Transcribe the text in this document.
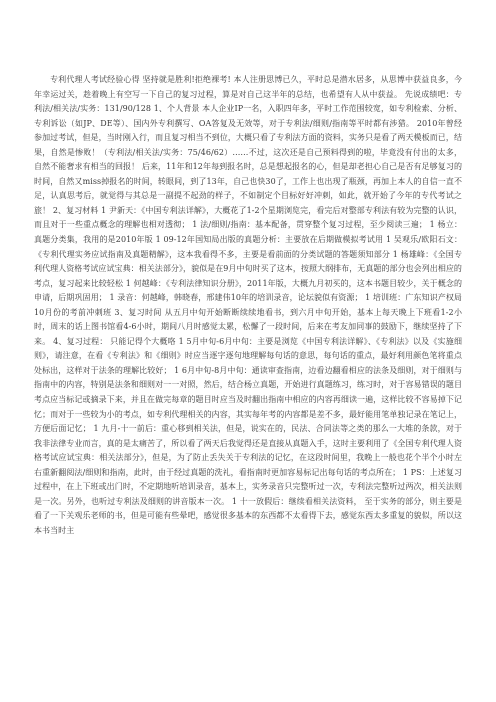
专利代理人考试经验心得 坚持就是胜利!拒绝裸考! 本人注册思博已久，平时总是潜水居多，从思博中获益良多，今年幸运过关，趁着晚上有空写一下自己的复习过程，算是对自己这半年的总结，也希望有人从中获益。 先说成绩吧：专利法/相关法/实务：131/90/128 1、个人背景 本人企业IP一名，入职四年多，平时工作范围较宽，如专利检索、分析、专利诉讼（如JP、DE等）、国内外专利撰写、OA答复及无效等，对于专利法/细则/指南等平时都有涉猎。 2010年曾经参加过考试，但是，当时刚入行，而且复习相当不到位，大概只看了专利法方面的资料，实务只是看了两天模板而已，结果，自然是惨败！（专利法/相关法/实务：75/46/62）……不过，这次还是自己预料得到的啦，毕竟没有付出的太多，自然不能奢求有相当的回报！ 后来，11年和12年每到报名时，总是想起报名的心，但是却老担心自己是否有足够复习的时间，自然又miss掉报名的时间，转眼间，到了13年，自己也快30了，工作上也出现了瓶颈，再加上本人的自信一直不足，认真思考后，就觉得与其总是一副提不起劲的样子，不如制定个目标好好冲刺，如此，就开始了今年的专代考试之旅！ 2、复习材料 1 尹新天：《中国专利法详解》，大概花了1-2个星期浏览完，看完后对整部专利法有较为完整的认识，而且对于一些重点概念的理解也相对透彻； 1 法/细则/指南：基本配备，贯穿整个复习过程，至少阅读三遍； 1 杨立：真题分类集，我用的是2010年版 1 09-12年国知局出版的真题分析：主要放在后期做模拟考试用 1 吴观乐/欧阳石文：《专利代理实务应试指南及真题精解》，这本我看得不多，主要是看前面的分类试题的答题须知部分 1 杨雄峰：《全国专利代理人资格考试应试宝典：相关法部分》，貌似是在9月中旬时买了这本，按照大纲排布，无真题的部分也会列出相应的考点，复习起来比较轻松 1 何越峰：《专利法律知识分册》，2011年版，大概九月初买的，这本书题目较少，关于概念的申请，后期巩固用； 1 录音：何越峰，韩晓春，邢建伟10年的培训录音，论坛貌似有资源； 1 培训班：广东知识产权局10月份的考前冲刺班 3、复习时间 从五月中旬开始断断续续地看书，到六月中旬开始，基本上每天晚上下班看1-2小时，周末的话上图书馆看4-6小时，期间八月时感觉太累，松懈了一段时间，后来在考友加同事的鼓励下，继续坚持了下来。 4、复习过程： 只能记得个大概咯 1 5月中旬-6月中旬：主要是浏览《中国专利法详解》、《专利法》以及《实施细则》，请注意，在看《专利法》和《细则》时应当逐字逐句地理解每句话的意思，每句话的重点，最好利用颜色笔将重点处标出，这样对于法条的理解比较好； 1 6月中旬-8月中旬：通读审查指南，边看边翻看相应的法条及细则，对于细则与指南中的内容，特别是法条和细则对一一对照，然后，结合杨立真题，开始进行真题练习，练习时，对于容易错误的题目考点应当标记或摘录下来，并且在做完每章的题目时应当及时翻出指南中相应的内容再细读一遍，这样比较不容易掉下记忆；而对于一些较为小的考点，如专利代理相关的内容，其实每年考的内容都是差不多，最好能用笔单独记录在笔记上，方便后面记忆； 1 九月-十一前后：重心移到相关法，但是，说实在的，民法、合同法等之类的那么一大堆的条款，对于我非法律专业而言，真的是太痛苦了，所以看了两天后我觉得还是直接从真题入手，这时主要利用了《全国专利代理人资格考试应试宝典：相关法部分》，但是，为了防止丢失关于专利法的记忆，在这段时间里，我晚上一般也花个半个小时左右重新翻阅法/细则和指南，此时，由于经过真题的洗礼，看指南时更加容易标记出每句话的考点所在； 1 PS：上述复习过程中，在上下班或出门时，不定期地听培训录音，基本上，实务录音只完整听过一次，专利法完整听过两次，相关法则是一次。另外，也听过专利法及细则的讲音版本一次。 1 十一放假后：继续看相关法资料， 至于实务的部分，则主要是看了一下关观乐老师的书，但是可能有些晕吧，感觉很多基本的东西都不太看得下去，感觉东西太多重复的貌似，所以这本书当时主
